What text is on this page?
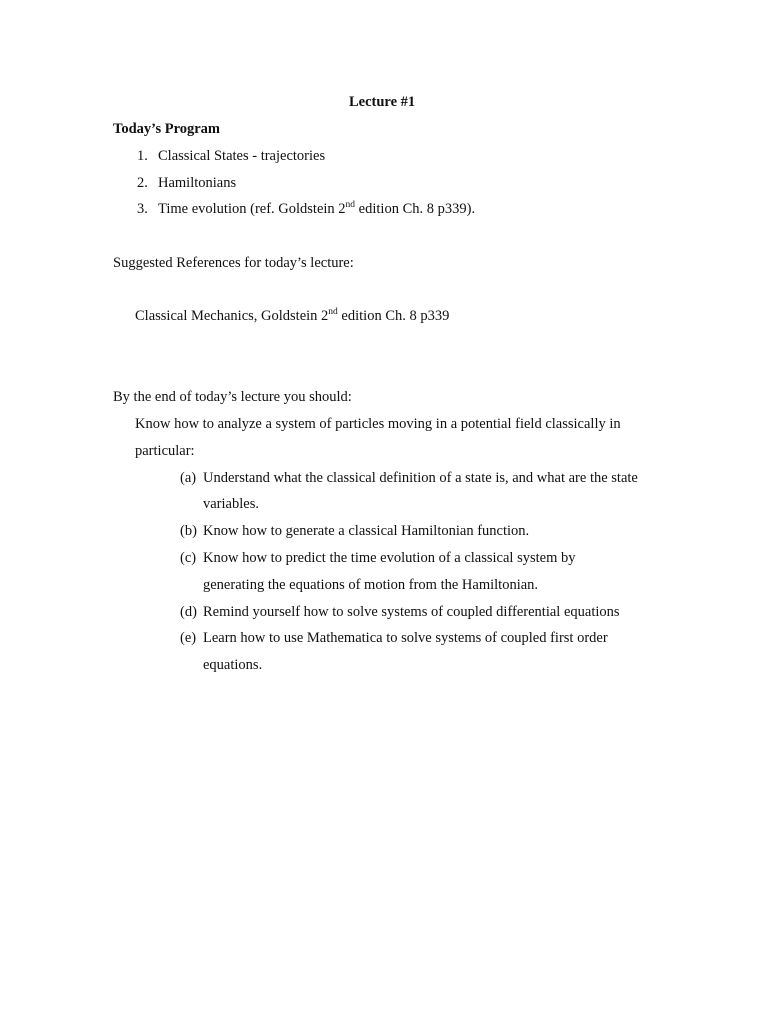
Lecture #1
Today’s Program
1. Classical States - trajectories
2. Hamiltonians
3. Time evolution (ref. Goldstein 2nd edition Ch. 8 p339).
Suggested References for today’s lecture:
Classical Mechanics, Goldstein 2nd edition Ch. 8 p339
By the end of today’s lecture you should:
Know how to analyze a system of particles moving in a potential field classically in
particular:
(a) Understand what the classical definition of a state is, and what are the state
variables.
(b) Know how to generate a classical Hamiltonian function.
(c) Know how to predict the time evolution of a classical system by
generating the equations of motion from the Hamiltonian.
(d) Remind yourself how to solve systems of coupled differential equations
(e) Learn how to use Mathematica to solve systems of coupled first order
equations.
